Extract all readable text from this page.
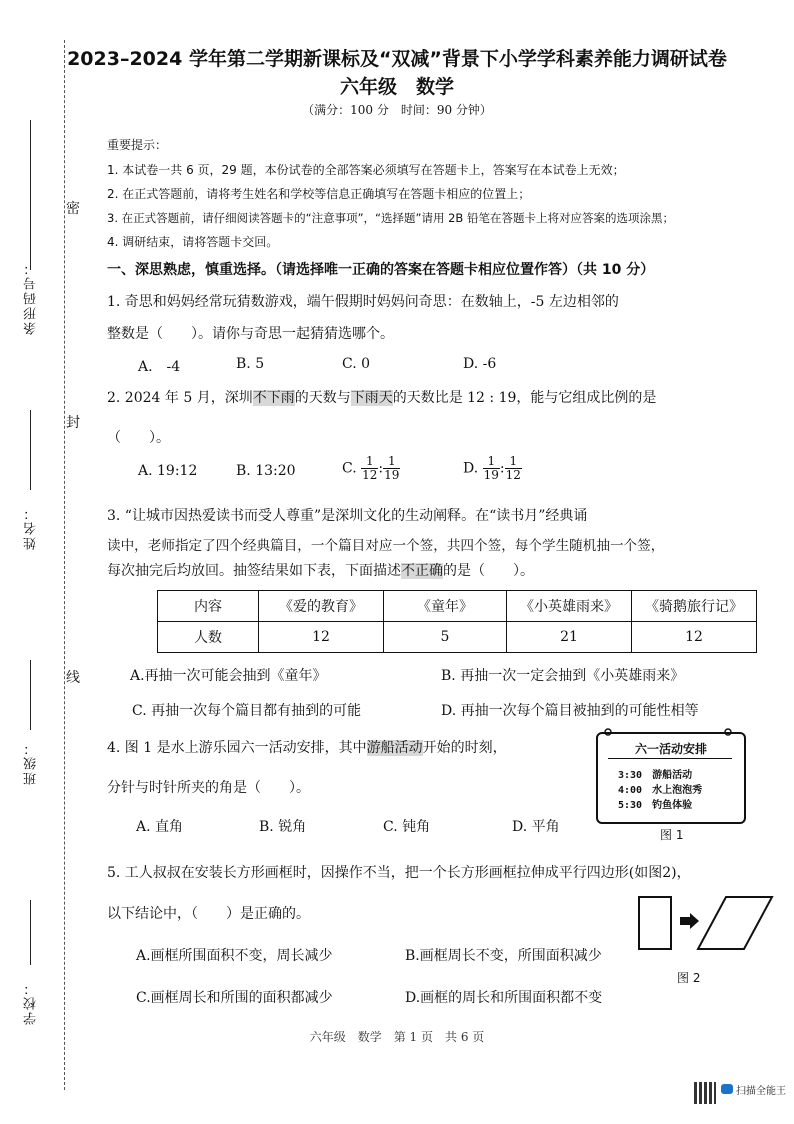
条形码号：
姓名：
班级：
学校：
密
封
线
2023–2024 学年第二学期新课标及“双减”背景下小学学科素养能力调研试卷
六年级　数学
（满分：100 分　时间：90 分钟）
重要提示：
1. 本试卷一共 6 页，29 题，本份试卷的全部答案必须填写在答题卡上，答案写在本试卷上无效；
2. 在正式答题前，请将考生姓名和学校等信息正确填写在答题卡相应的位置上；
3. 在正式答题前，请仔细阅读答题卡的“注意事项”，“选择题”请用 2B 铅笔在答题卡上将对应答案的选项涂黑；
4. 调研结束，请将答题卡交回。
一、深思熟虑，慎重选择。（请选择唯一正确的答案在答题卡相应位置作答）（共 10 分）
1. 奇思和妈妈经常玩猜数游戏，端午假期时妈妈问奇思：在数轴上，-5 左边相邻的
整数是（　　）。请你与奇思一起猜猜选哪个。
A.　-4	B. 5	C. 0	D. -6
2. 2024 年 5 月，深圳不下雨的天数与下雨天的天数比是 12 : 19，能与它组成比例的是
（　　）。
A. 19:12	B. 13:20	C. $\frac{1}{12}$ : $\frac{1}{19}$	D. $\frac{1}{19}$ : $\frac{1}{12}$
3. “让城市因热爱读书而受人尊重”是深圳文化的生动阐释。在“读书月”经典诵
读中，老师指定了四个经典篇目，一个篇目对应一个签，共四个签，每个学生随机抽一个签，
每次抽完后均放回。抽签结果如下表，下面描述不正确的是（　　）。
内容	《爱的教育》	《童年》	《小英雄雨来》	《骑鹅旅行记》
人数	12	5	21	12
A.再抽一次可能会抽到《童年》	B. 再抽一次一定会抽到《小英雄雨来》
C. 再抽一次每个篇目都有抽到的可能	D. 再抽一次每个篇目被抽到的可能性相等
4. 图 1 是水上游乐园六一活动安排，其中游船活动开始的时刻，
分针与时针所夹的角是（　　）。
A. 直角	B. 锐角	C. 钝角	D. 平角
六一活动安排
3:30　游船活动
4:00　水上泡泡秀
5:30　钓鱼体验
图 1
5. 工人叔叔在安装长方形画框时，因操作不当，把一个长方形画框拉伸成平行四边形(如图2)，
以下结论中，（　　）是正确的。
A.画框所围面积不变，周长减少	B.画框周长不变，所围面积减少
C.画框周长和所围的面积都减少	D.画框的周长和所围面积都不变
图 2
六年级　数学　第 1 页　共 6 页
扫描全能王
